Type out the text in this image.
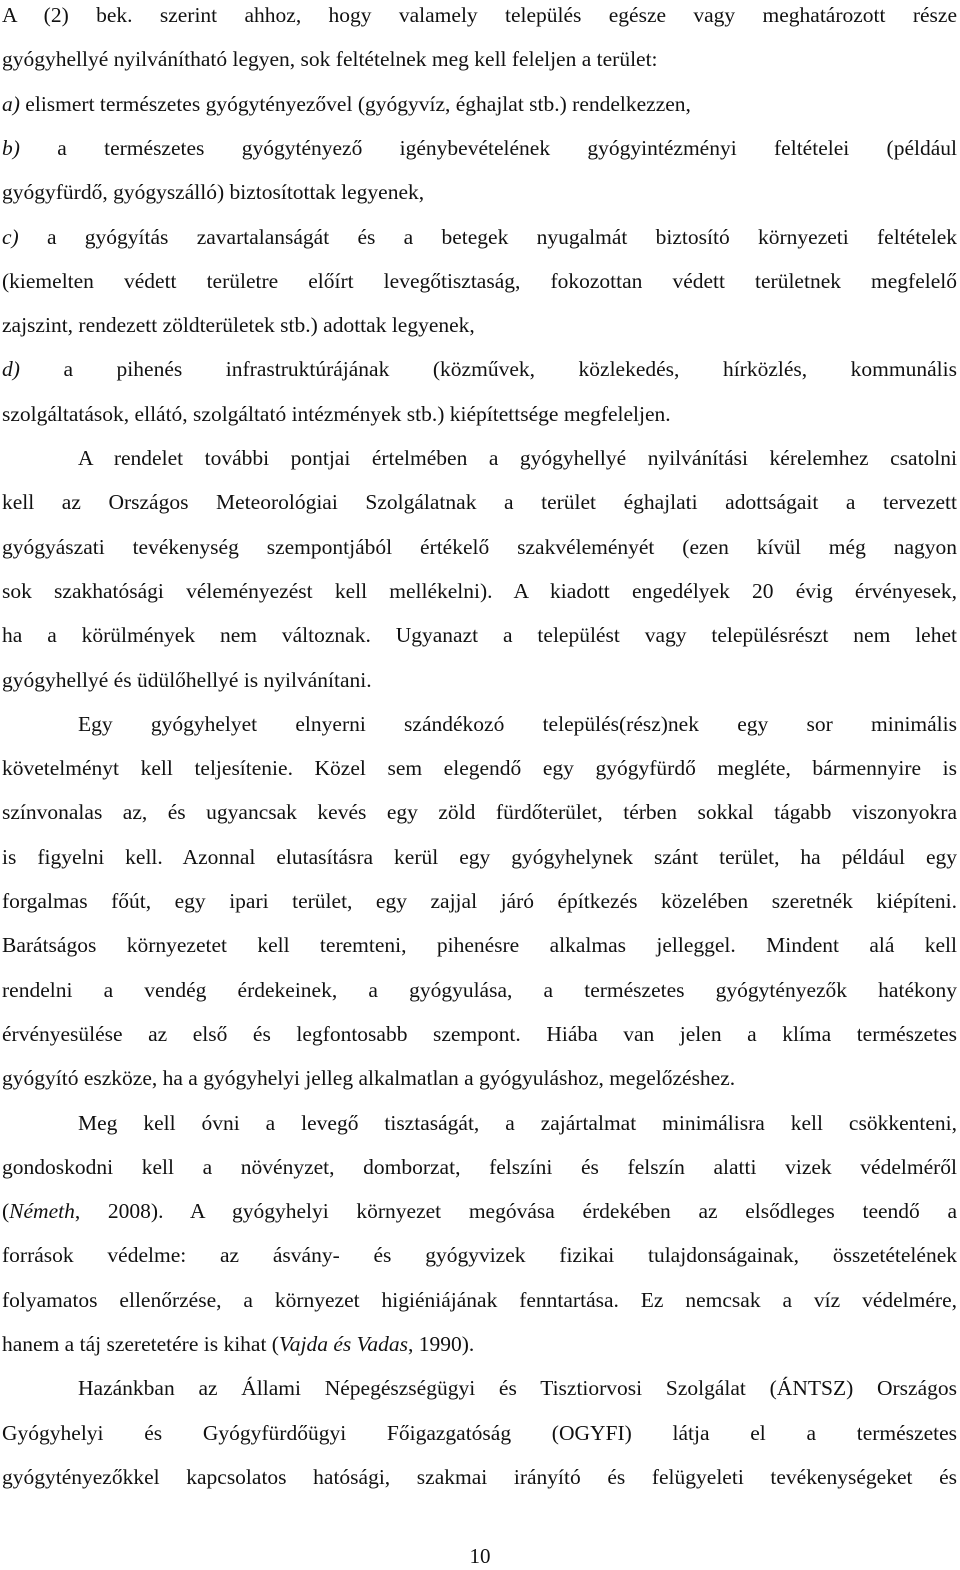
A (2) bek. szerint ahhoz, hogy valamely település egésze vagy meghatározott része
gyógyhellyé nyilvánítható legyen, sok feltételnek meg kell feleljen a terület:
a) elismert természetes gyógytényezővel (gyógyvíz, éghajlat stb.) rendelkezzen,
b) a természetes gyógytényező igénybevételének gyógyintézményi feltételei (például
gyógyfürdő, gyógyszálló) biztosítottak legyenek,
c) a gyógyítás zavartalanságát és a betegek nyugalmát biztosító környezeti feltételek
(kiemelten védett területre előírt levegőtisztaság, fokozottan védett területnek megfelelő
zajszint, rendezett zöldterületek stb.) adottak legyenek,
d) a pihenés infrastruktúrájának (közművek, közlekedés, hírközlés, kommunális
szolgáltatások, ellátó, szolgáltató intézmények stb.) kiépítettsége megfeleljen.
A rendelet további pontjai értelmében a gyógyhellyé nyilvánítási kérelemhez csatolni
kell az Országos Meteorológiai Szolgálatnak a terület éghajlati adottságait a tervezett
gyógyászati tevékenység szempontjából értékelő szakvéleményét (ezen kívül még nagyon
sok szakhatósági véleményezést kell mellékelni). A kiadott engedélyek 20 évig érvényesek,
ha a körülmények nem változnak. Ugyanazt a települést vagy településrészt nem lehet
gyógyhellyé és üdülőhellyé is nyilvánítani.
Egy gyógyhelyet elnyerni szándékozó település(rész)nek egy sor minimális
követelményt kell teljesítenie. Közel sem elegendő egy gyógyfürdő megléte, bármennyire is
színvonalas az, és ugyancsak kevés egy zöld fürdőterület, térben sokkal tágabb viszonyokra
is figyelni kell. Azonnal elutasításra kerül egy gyógyhelynek szánt terület, ha például egy
forgalmas főút, egy ipari terület, egy zajjal járó építkezés közelében szeretnék kiépíteni.
Barátságos környezetet kell teremteni, pihenésre alkalmas jelleggel. Mindent alá kell
rendelni a vendég érdekeinek, a gyógyulása, a természetes gyógytényezők hatékony
érvényesülése az első és legfontosabb szempont. Hiába van jelen a klíma természetes
gyógyító eszköze, ha a gyógyhelyi jelleg alkalmatlan a gyógyuláshoz, megelőzéshez.
Meg kell óvni a levegő tisztaságát, a zajártalmat minimálisra kell csökkenteni,
gondoskodni kell a növényzet, domborzat, felszíni és felszín alatti vizek védelméről
(Németh, 2008). A gyógyhelyi környezet megóvása érdekében az elsődleges teendő a
források védelme: az ásvány- és gyógyvizek fizikai tulajdonságainak, összetételének
folyamatos ellenőrzése, a környezet higiéniájának fenntartása. Ez nemcsak a víz védelmére,
hanem a táj szeretetére is kihat (Vajda és Vadas, 1990).
Hazánkban az Állami Népegészségügyi és Tisztiorvosi Szolgálat (ÁNTSZ) Országos
Gyógyhelyi és Gyógyfürdőügyi Főigazgatóság (OGYFI) látja el a természetes
gyógytényezőkkel kapcsolatos hatósági, szakmai irányító és felügyeleti tevékenységeket és
10
